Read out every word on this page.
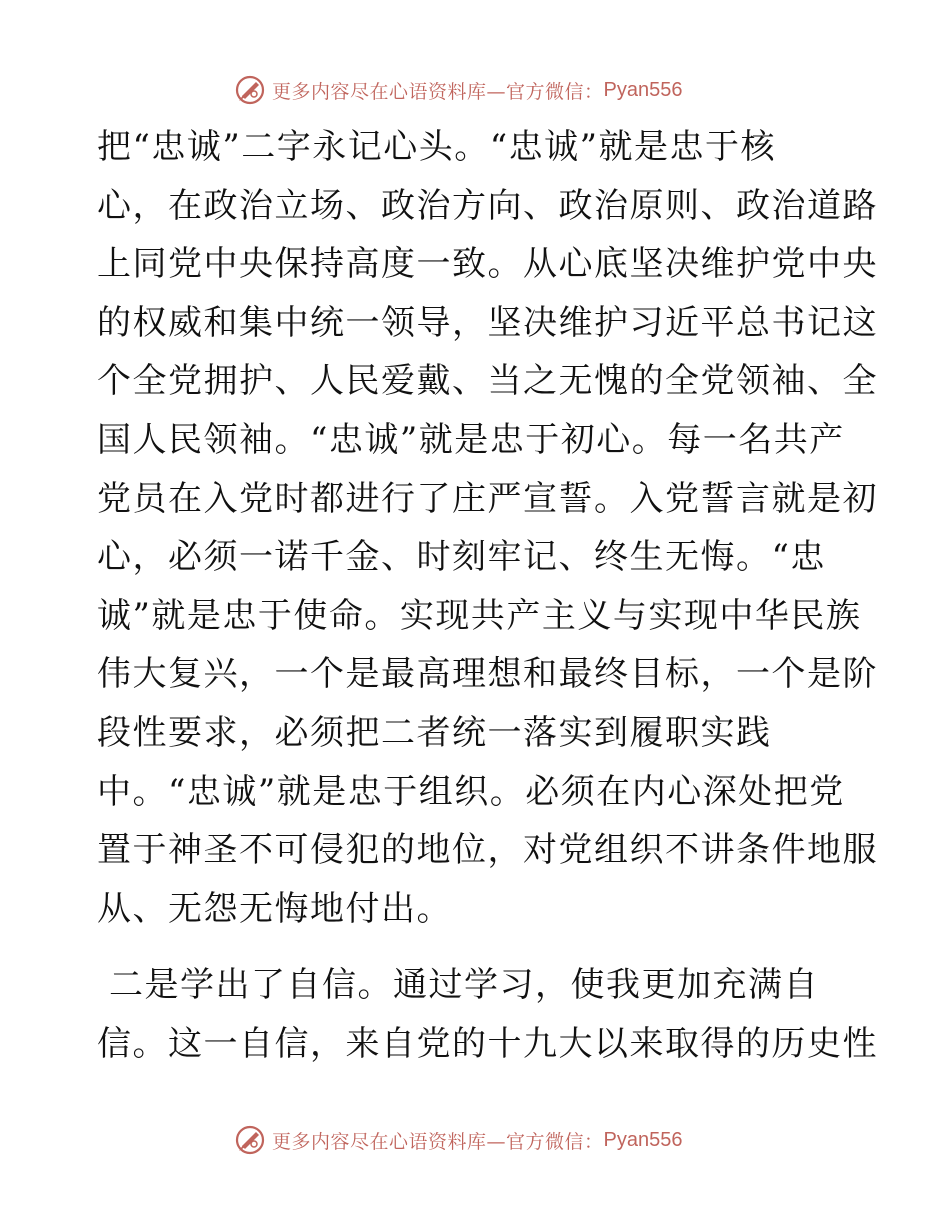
更多内容尽在心语资料库—官方微信： Pyan556
把“忠诚”二字永记心头。“忠诚”就是忠于核
心，在政治立场、政治方向、政治原则、政治道路
上同党中央保持高度一致。从心底坚决维护党中央
的权威和集中统一领导，坚决维护习近平总书记这
个全党拥护、人民爱戴、当之无愧的全党领袖、全
国人民领袖。“忠诚”就是忠于初心。每一名共产
党员在入党时都进行了庄严宣誓。入党誓言就是初
心，必须一诺千金、时刻牢记、终生无悔。“忠
诚”就是忠于使命。实现共产主义与实现中华民族
伟大复兴，一个是最高理想和最终目标，一个是阶
段性要求，必须把二者统一落实到履职实践
中。“忠诚”就是忠于组织。必须在内心深处把党
置于神圣不可侵犯的地位，对党组织不讲条件地服
从、无怨无悔地付出。
二是学出了自信。通过学习，使我更加充满自
信。这一自信，来自党的十九大以来取得的历史性
更多内容尽在心语资料库—官方微信： Pyan556
